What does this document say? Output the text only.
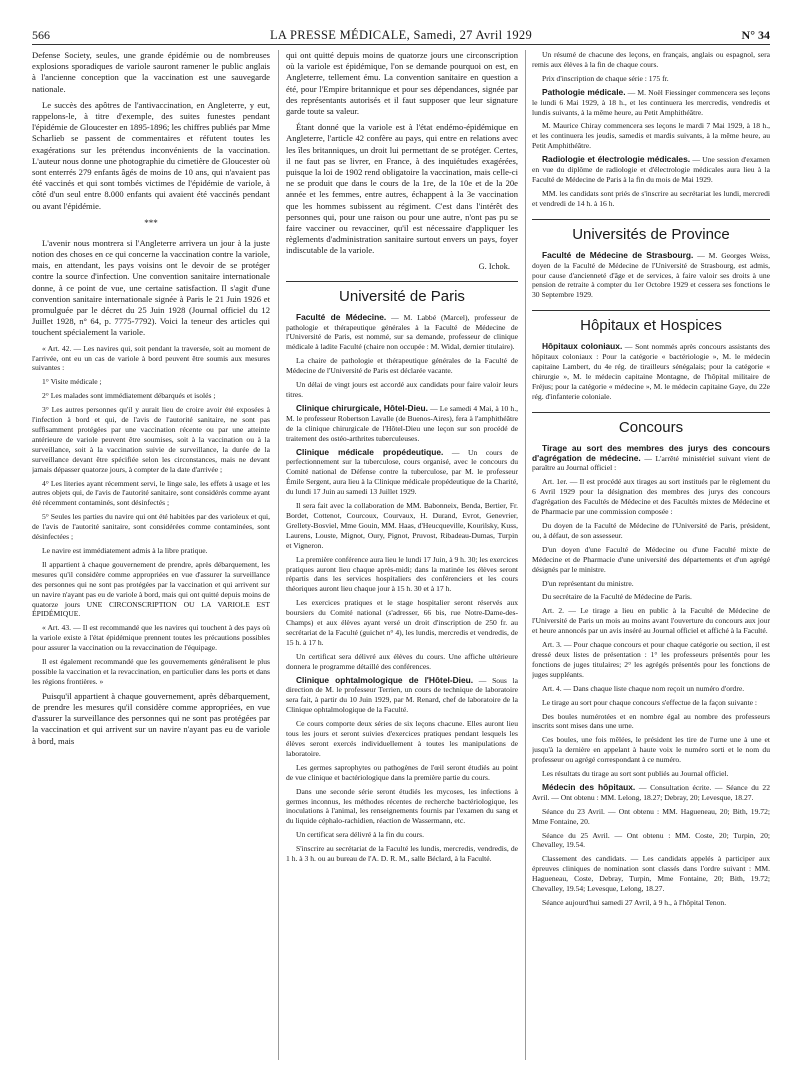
566	LA PRESSE MÉDICALE, Samedi, 27 Avril 1929	N° 34

Defense Society, seules, une grande épidémie ou de nombreuses explosions sporadiques de variole sauront ramener le public anglais à l'ancienne conception que la vaccination est une sauvegarde nationale.

Le succès des apôtres de l'antivaccination, en Angleterre, y eut, rappelons-le, à titre d'exemple, des suites funestes pendant l'épidémie de Gloucester en 1895-1896; les chiffres publiés par Mme Scharlieb se passent de commentaires et réfutent toutes les exagérations sur les prétendus inconvénients de la vaccination. L'auteur nous donne une photographie du cimetière de Gloucester où sont enterrés 279 enfants âgés de moins de 10 ans, qui n'avaient pas été vaccinés et qui sont tombés victimes de l'épidémie de variole, à côté d'un seul entre 8.000 enfants qui avaient été vaccinés pendant ou avant l'épidémie.

***

L'avenir nous montrera si l'Angleterre arrivera un jour à la juste notion des choses en ce qui concerne la vaccination contre la variole, mais, en attendant, les pays voisins ont le devoir de se protéger contre la source d'infection. Une convention sanitaire internationale donne, à ce point de vue, une certaine satisfaction. Il s'agit d'une convention sanitaire internationale signée à Paris le 21 Juin 1926 et promulguée par le décret du 25 Juin 1928 (Journal officiel du 12 Juillet 1928, n° 64, p. 7775-7792). Voici la teneur des articles qui touchent spécialement la variole.

« Art. 42. — Les navires qui, soit pendant la traversée, soit au moment de l'arrivée, ont eu un cas de variole à bord peuvent être soumis aux mesures suivantes :

1° Visite médicale ;

2° Les malades sont immédiatement débarqués et isolés ;

3° Les autres personnes qu'il y aurait lieu de croire avoir été exposées à l'infection à bord et qui, de l'avis de l'autorité sanitaire, ne sont pas suffisamment protégées par une vaccination récente ou par une atteinte antérieure de variole peuvent être soumises, soit à la vaccination ou à la surveillance, soit à la vaccination suivie de surveillance, la durée de la surveillance devant être spécifiée selon les circonstances, mais ne devant jamais dépasser quatorze jours, à compter de la date d'arrivée ;

4° Les literies ayant récemment servi, le linge sale, les effets à usage et les autres objets qui, de l'avis de l'autorité sanitaire, sont considérés comme ayant été récemment contaminés, sont désinfectés ;

5° Seules les parties du navire qui ont été habitées par des varioleux et qui, de l'avis de l'autorité sanitaire, sont considérées comme contaminées, sont désinfectées ;

Le navire est immédiatement admis à la libre pratique.

Il appartient à chaque gouvernement de prendre, après débarquement, les mesures qu'il considère comme appropriées en vue d'assurer la surveillance des personnes qui ne sont pas protégées par la vaccination et qui arrivent sur un navire n'ayant pas eu de variole à bord, mais qui ont quitté depuis moins de quatorze jours UNE CIRCONSCRIPTION OU LA VARIOLE EST ÉPIDÉMIQUE.

« Art. 43. — Il est recommandé que les navires qui touchent à des pays où la variole existe à l'état épidémique prennent toutes les précautions possibles pour assurer la vaccination ou la revaccination de l'équipage.

Il est également recommandé que les gouvernements généralisent le plus possible la vaccination et la revaccination, en particulier dans les ports et dans les régions frontières. »

Puisqu'il appartient à chaque gouvernement, après débarquement, de prendre les mesures qu'il considère comme appropriées, en vue d'assurer la surveillance des personnes qui ne sont pas protégées par la vaccination et qui arrivent sur un navire n'ayant pas eu de variole à bord, mais

qui ont quitté depuis moins de quatorze jours une circonscription où la variole est épidémique, l'on se demande pourquoi on est, en Angleterre, tellement ému. La convention sanitaire en question a été, pour l'Empire britannique et pour ses dépendances, signée par des représentants autorisés et il faut supposer que leur signature garde toute sa valeur.

Étant donné que la variole est à l'état endémo-épidémique en Angleterre, l'article 42 confère au pays, qui entre en relations avec les îles britanniques, un droit lui permettant de se protéger. Certes, il ne faut pas se livrer, en France, à des inquiétudes exagérées, puisque la loi de 1902 rend obligatoire la vaccination, mais celle-ci ne se produit que dans le cours de la 1re, de la 10e et de la 20e année et les femmes, entre autres, échappent à la 3e vaccination que les hommes subissent au régiment. C'est dans l'intérêt des personnes qui, pour une raison ou pour une autre, n'ont pas pu se faire vacciner ou revacciner, qu'il est nécessaire d'appliquer les règlements d'administration sanitaire surtout envers un pays, foyer indiscutable de la variole.

G. Ichok.
Université de Paris

Faculté de Médecine. — M. Labbé (Marcel), professeur de pathologie et thérapeutique générales à la Faculté de Médecine de l'Université de Paris, est nommé, sur sa demande, professeur de clinique médicale à ladite Faculté (chaire non occupée : M. Widal, dernier titulaire).

La chaire de pathologie et thérapeutique générales de la Faculté de Médecine de l'Université de Paris est déclarée vacante.

Un délai de vingt jours est accordé aux candidats pour faire valoir leurs titres.

Clinique chirurgicale, Hôtel-Dieu. — Le samedi 4 Mai, à 10 h., M. le professeur Robertson Lavalle (de Buenos-Aires), fera à l'amphithéâtre de la clinique chirurgicale de l'Hôtel-Dieu une leçon sur son procédé de traitement des ostéo-arthrites tuberculeuses.

Clinique médicale propédeutique. — Un cours de perfectionnement sur la tuberculose, cours organisé, avec le concours du Comité national de Défense contre la tuberculose, par M. le professeur Émile Sergent, aura lieu à la Clinique médicale propédeutique de la Charité, du lundi 17 Juin au samedi 13 Juillet 1929.

Il sera fait avec la collaboration de MM. Babonneix, Benda, Bertier, Fr. Bordet, Cottenot, Courcoux, Courvaux, H. Durand, Evrot, Genevrier, Grellety-Bosviel, Mme Gouin, MM. Haas, d'Heucqueville, Kourilsky, Kuss, Laurens, Louste, Mignot, Oury, Pignot, Pruvost, Ribadeau-Dumas, Turpin et Vigneron.

La première conférence aura lieu le lundi 17 Juin, à 9 h. 30; les exercices pratiques auront lieu chaque après-midi; dans la matinée les élèves seront répartis dans les services hospitaliers des conférenciers et les cours théoriques auront lieu chaque jour à 15 h. 30 et à 17 h.

Les exercices pratiques et le stage hospitalier seront réservés aux boursiers du Comité national (s'adresser, 66 bis, rue Notre-Dame-des-Champs) et aux élèves ayant versé un droit d'inscription de 250 fr. au secrétariat de la Faculté (guichet n° 4), les lundis, mercredis et vendredis, de 15 h. à 17 h.

Un certificat sera délivré aux élèves du cours. Une affiche ultérieure donnera le programme détaillé des conférences.

Clinique ophtalmologique de l'Hôtel-Dieu. — Sous la direction de M. le professeur Terrien, un cours de technique de laboratoire sera fait, à partir du 10 Juin 1929, par M. Renard, chef de laboratoire de la Clinique ophtalmologique de la Faculté.

Ce cours comporte deux séries de six leçons chacune. Elles auront lieu tous les jours et seront suivies d'exercices pratiques pendant lesquels les élèves seront exercés individuellement à toutes les manipulations de laboratoire.

Les germes saprophytes ou pathogènes de l'œil seront étudiés au point de vue clinique et bactériologique dans la première partie du cours.

Dans une seconde série seront étudiés les mycoses, les infections à germes inconnus, les méthodes récentes de recherche bactériologique, les inoculations à l'animal, les renseignements fournis par l'examen du sang et du liquide céphalo-rachidien, réaction de Wassermann, etc.

Un certificat sera délivré à la fin du cours.

S'inscrire au secrétariat de la Faculté les lundis, mercredis, vendredis, de 1 h. à 3 h. ou au bureau de l'A. D. R. M., salle Béclard, à la Faculté.

Un résumé de chacune des leçons, en français, anglais ou espagnol, sera remis aux élèves à la fin de chaque cours.

Prix d'inscription de chaque série : 175 fr.

Pathologie médicale. — M. Noël Fiessinger commencera ses leçons le lundi 6 Mai 1929, à 18 h., et les continuera les mercredis, vendredis et lundis suivants, à la même heure, au Petit Amphithéâtre.

M. Maurice Chiray commencera ses leçons le mardi 7 Mai 1929, à 18 h., et les continuera les jeudis, samedis et mardis suivants, à la même heure, au Petit Amphithéâtre.

Radiologie et électrologie médicales. — Une session d'examen en vue du diplôme de radiologie et d'électrologie médicales aura lieu à la Faculté de Médecine de Paris à la fin du mois de Mai 1929.

MM. les candidats sont priés de s'inscrire au secrétariat les lundi, mercredi et vendredi de 14 h. à 16 h.

Universités de Province

Faculté de Médecine de Strasbourg. — M. Georges Weiss, doyen de la Faculté de Médecine de l'Université de Strasbourg, est admis, pour cause d'ancienneté d'âge et de services, à faire valoir ses droits à une pension de retraite à compter du 1er Octobre 1929 et cessera ses fonctions le 30 Septembre 1929.

Hôpitaux et Hospices

Hôpitaux coloniaux. — Sont nommés après concours assistants des hôpitaux coloniaux : Pour la catégorie « bactériologie », M. le médecin capitaine Lambert, du 4e rég. de tirailleurs sénégalais; pour la catégorie « chirurgie », M. le médecin capitaine Montagne, de l'hôpital militaire de Fréjus; pour la catégorie « médecine », M. le médecin capitaine Gaye, du 22e rég. d'infanterie coloniale.

Concours

Tirage au sort des membres des jurys des concours d'agrégation de médecine. — L'arrêté ministériel suivant vient de paraître au Journal officiel :

Art. 1er. — Il est procédé aux tirages au sort institués par le règlement du 6 Avril 1929 pour la désignation des membres des jurys des concours d'agrégation des Facultés de Médecine et des Facultés mixtes de Médecine et de Pharmacie par une commission composée :

Du doyen de la Faculté de Médecine de l'Université de Paris, président, ou, à défaut, de son assesseur.

D'un doyen d'une Faculté de Médecine ou d'une Faculté mixte de Médecine et de Pharmacie d'une université des départements et d'un agrégé désignés par le ministre.

D'un représentant du ministre.

Du secrétaire de la Faculté de Médecine de Paris.

Art. 2. — Le tirage a lieu en public à la Faculté de Médecine de l'Université de Paris un mois au moins avant l'ouverture du concours aux jour et heure annoncés par un avis inséré au Journal officiel et affiché à la Faculté.

Art. 3. — Pour chaque concours et pour chaque catégorie ou section, il est dressé deux listes de présentation : 1° les professeurs présentés pour les fonctions de juges titulaires; 2° les agrégés présentés pour les fonctions de juges suppléants.

Art. 4. — Dans chaque liste chaque nom reçoit un numéro d'ordre.

Le tirage au sort pour chaque concours s'effectue de la façon suivante :

Des boules numérotées et en nombre égal au nombre des professeurs inscrits sont mises dans une urne.

Ces boules, une fois mêlées, le président les tire de l'urne une à une et jusqu'à la dernière en appelant à haute voix le numéro sorti et le nom du professeur ou agrégé correspondant à ce numéro.

Les résultats du tirage au sort sont publiés au Journal officiel.

Médecin des hôpitaux. — Consultation écrite. — Séance du 22 Avril. — Ont obtenu : MM. Lelong, 18.27; Debray, 20; Levesque, 18.27.

Séance du 23 Avril. — Ont obtenu : MM. Hagueneau, 20; Bith, 19.72; Mme Fontaine, 20.

Séance du 25 Avril. — Ont obtenu : MM. Coste, 20; Turpin, 20; Chevalley, 19.54.

Classement des candidats. — Les candidats appelés à participer aux épreuves cliniques de nomination sont classés dans l'ordre suivant : MM. Hagueneau, Coste, Debray, Turpin, Mme Fontaine, 20; Bith, 19.72; Chevalley, 19.54; Levesque, Lelong, 18.27.

Séance aujourd'hui samedi 27 Avril, à 9 h., à l'hôpital Tenon.
